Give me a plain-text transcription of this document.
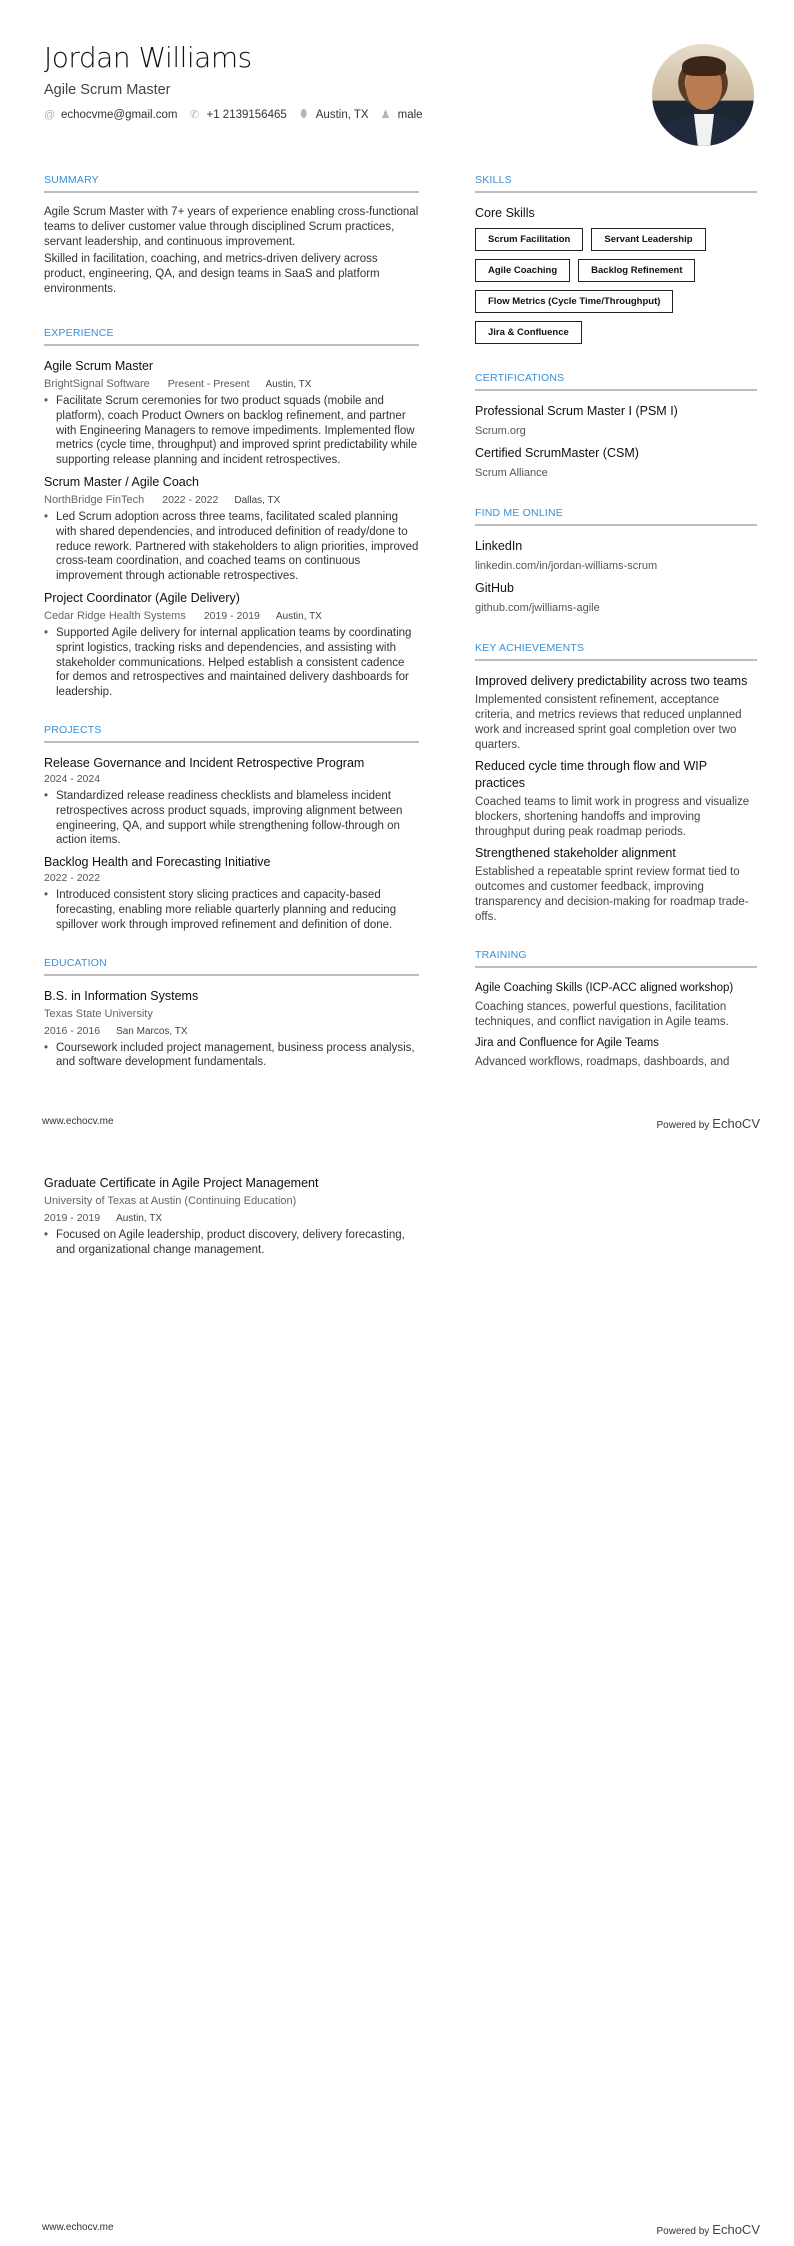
Jordan Williams
Agile Scrum Master
@ echocvme@gmail.com ✆ +1 2139156465 ⬮ Austin, TX ♟ male
SUMMARY

Agile Scrum Master with 7+ years of experience enabling cross-functional teams to deliver customer value through disciplined Scrum practices, servant leadership, and continuous improvement.

Skilled in facilitation, coaching, and metrics-driven delivery across product, engineering, QA, and design teams in SaaS and platform environments.

EXPERIENCE
Agile Scrum Master
BrightSignal Software Present - Present Austin, TX
• Facilitate Scrum ceremonies for two product squads (mobile and platform), coach Product Owners on backlog refinement, and partner with Engineering Managers to remove impediments. Implemented flow metrics (cycle time, throughput) and improved sprint predictability while supporting release planning and incident retrospectives.
Scrum Master / Agile Coach
NorthBridge FinTech 2022 - 2022 Dallas, TX
• Led Scrum adoption across three teams, facilitated scaled planning with shared dependencies, and introduced definition of ready/done to reduce rework. Partnered with stakeholders to align priorities, improved cross-team coordination, and coached teams on continuous improvement through actionable retrospectives.
Project Coordinator (Agile Delivery)
Cedar Ridge Health Systems 2019 - 2019 Austin, TX
• Supported Agile delivery for internal application teams by coordinating sprint logistics, tracking risks and dependencies, and assisting with stakeholder communications. Helped establish a consistent cadence for demos and retrospectives and maintained delivery dashboards for leadership.
PROJECTS
Release Governance and Incident Retrospective Program
2024 - 2024
• Standardized release readiness checklists and blameless incident retrospectives across product squads, improving alignment between engineering, QA, and support while strengthening follow-through on action items.
Backlog Health and Forecasting Initiative
2022 - 2022
• Introduced consistent story slicing practices and capacity-based forecasting, enabling more reliable quarterly planning and reducing spillover work through improved refinement and definition of done.
EDUCATION
B.S. in Information Systems
Texas State University
2016 - 2016 San Marcos, TX
• Coursework included project management, business process analysis, and software development fundamentals.
SKILLS
Core Skills
Scrum Facilitation	Servant Leadership
Agile Coaching	Backlog Refinement
Flow Metrics (Cycle Time/Throughput)
Jira & Confluence
CERTIFICATIONS
Professional Scrum Master I (PSM I)
Scrum.org
Certified ScrumMaster (CSM)
Scrum Alliance
FIND ME ONLINE
LinkedIn
linkedin.com/in/jordan-williams-scrum
GitHub
github.com/jwilliams-agile
KEY ACHIEVEMENTS
Improved delivery predictability across two teams
Implemented consistent refinement, acceptance criteria, and metrics reviews that reduced unplanned work and increased sprint goal completion over two quarters.
Reduced cycle time through flow and WIP practices
Coached teams to limit work in progress and visualize blockers, shortening handoffs and improving throughput during peak roadmap periods.
Strengthened stakeholder alignment
Established a repeatable sprint review format tied to outcomes and customer feedback, improving transparency and decision-making for roadmap trade-offs.
TRAINING
Agile Coaching Skills (ICP-ACC aligned workshop)
Coaching stances, powerful questions, facilitation techniques, and conflict navigation in Agile teams.
Jira and Confluence for Agile Teams
Advanced workflows, roadmaps, dashboards, and
www.echocv.me	Powered by EchoCV
Graduate Certificate in Agile Project Management
University of Texas at Austin (Continuing Education)
2019 - 2019 Austin, TX
• Focused on Agile leadership, product discovery, delivery forecasting, and organizational change management.
www.echocv.me	Powered by EchoCV
